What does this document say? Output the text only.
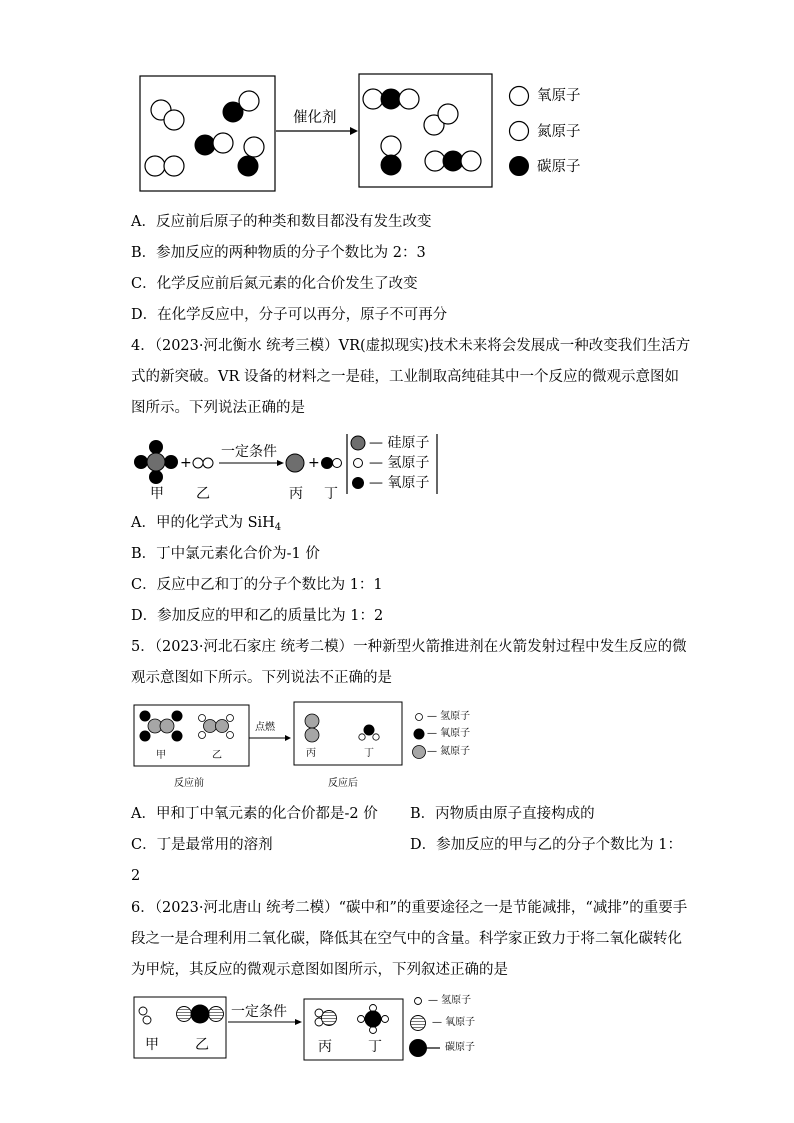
催化剂
氧原子
氮原子
碳原子
A．反应前后原子的种类和数目都没有发生改变
B．参加反应的两种物质的分子个数比为 2：3
C．化学反应前后氮元素的化合价发生了改变
D．在化学反应中，分子可以再分，原子不可再分
4．（2023·河北衡水 统考三模）VR(虚拟现实)技术未来将会发展成一种改变我们生活方
式的新突破。VR 设备的材料之一是硅，工业制取高纯硅其中一个反应的微观示意图如
图所示。下列说法正确的是
+	+
一定条件
甲 乙	丙 丁
— 硅原子
— 氢原子
— 氧原子
A．甲的化学式为 SiH$_4$
B．丁中氯元素化合价为-1 价
C．反应中乙和丁的分子个数比为 1：1
D．参加反应的甲和乙的质量比为 1：2
5．（2023·河北石家庄 统考二模）一种新型火箭推进剂在火箭发射过程中发生反应的微
观示意图如下所示。下列说法不正确的是
点燃
甲	乙	丙	丁
反应前	反应后
— 氢原子
— 氧原子
— 氮原子
A．甲和丁中氧元素的化合价都是-2 价 B．丙物质由原子直接构成的
C．丁是最常用的溶剂	D．参加反应的甲与乙的分子个数比为 1：
2
6．（2023·河北唐山 统考二模）“碳中和”的重要途径之一是节能减排，“减排”的重要手
段之一是合理利用二氧化碳，降低其在空气中的含量。科学家正致力于将二氧化碳转化
为甲烷，其反应的微观示意图如图所示，下列叙述正确的是
一定条件
甲	乙	丙	丁
— 氢原子
— 氧原子
碳原子
